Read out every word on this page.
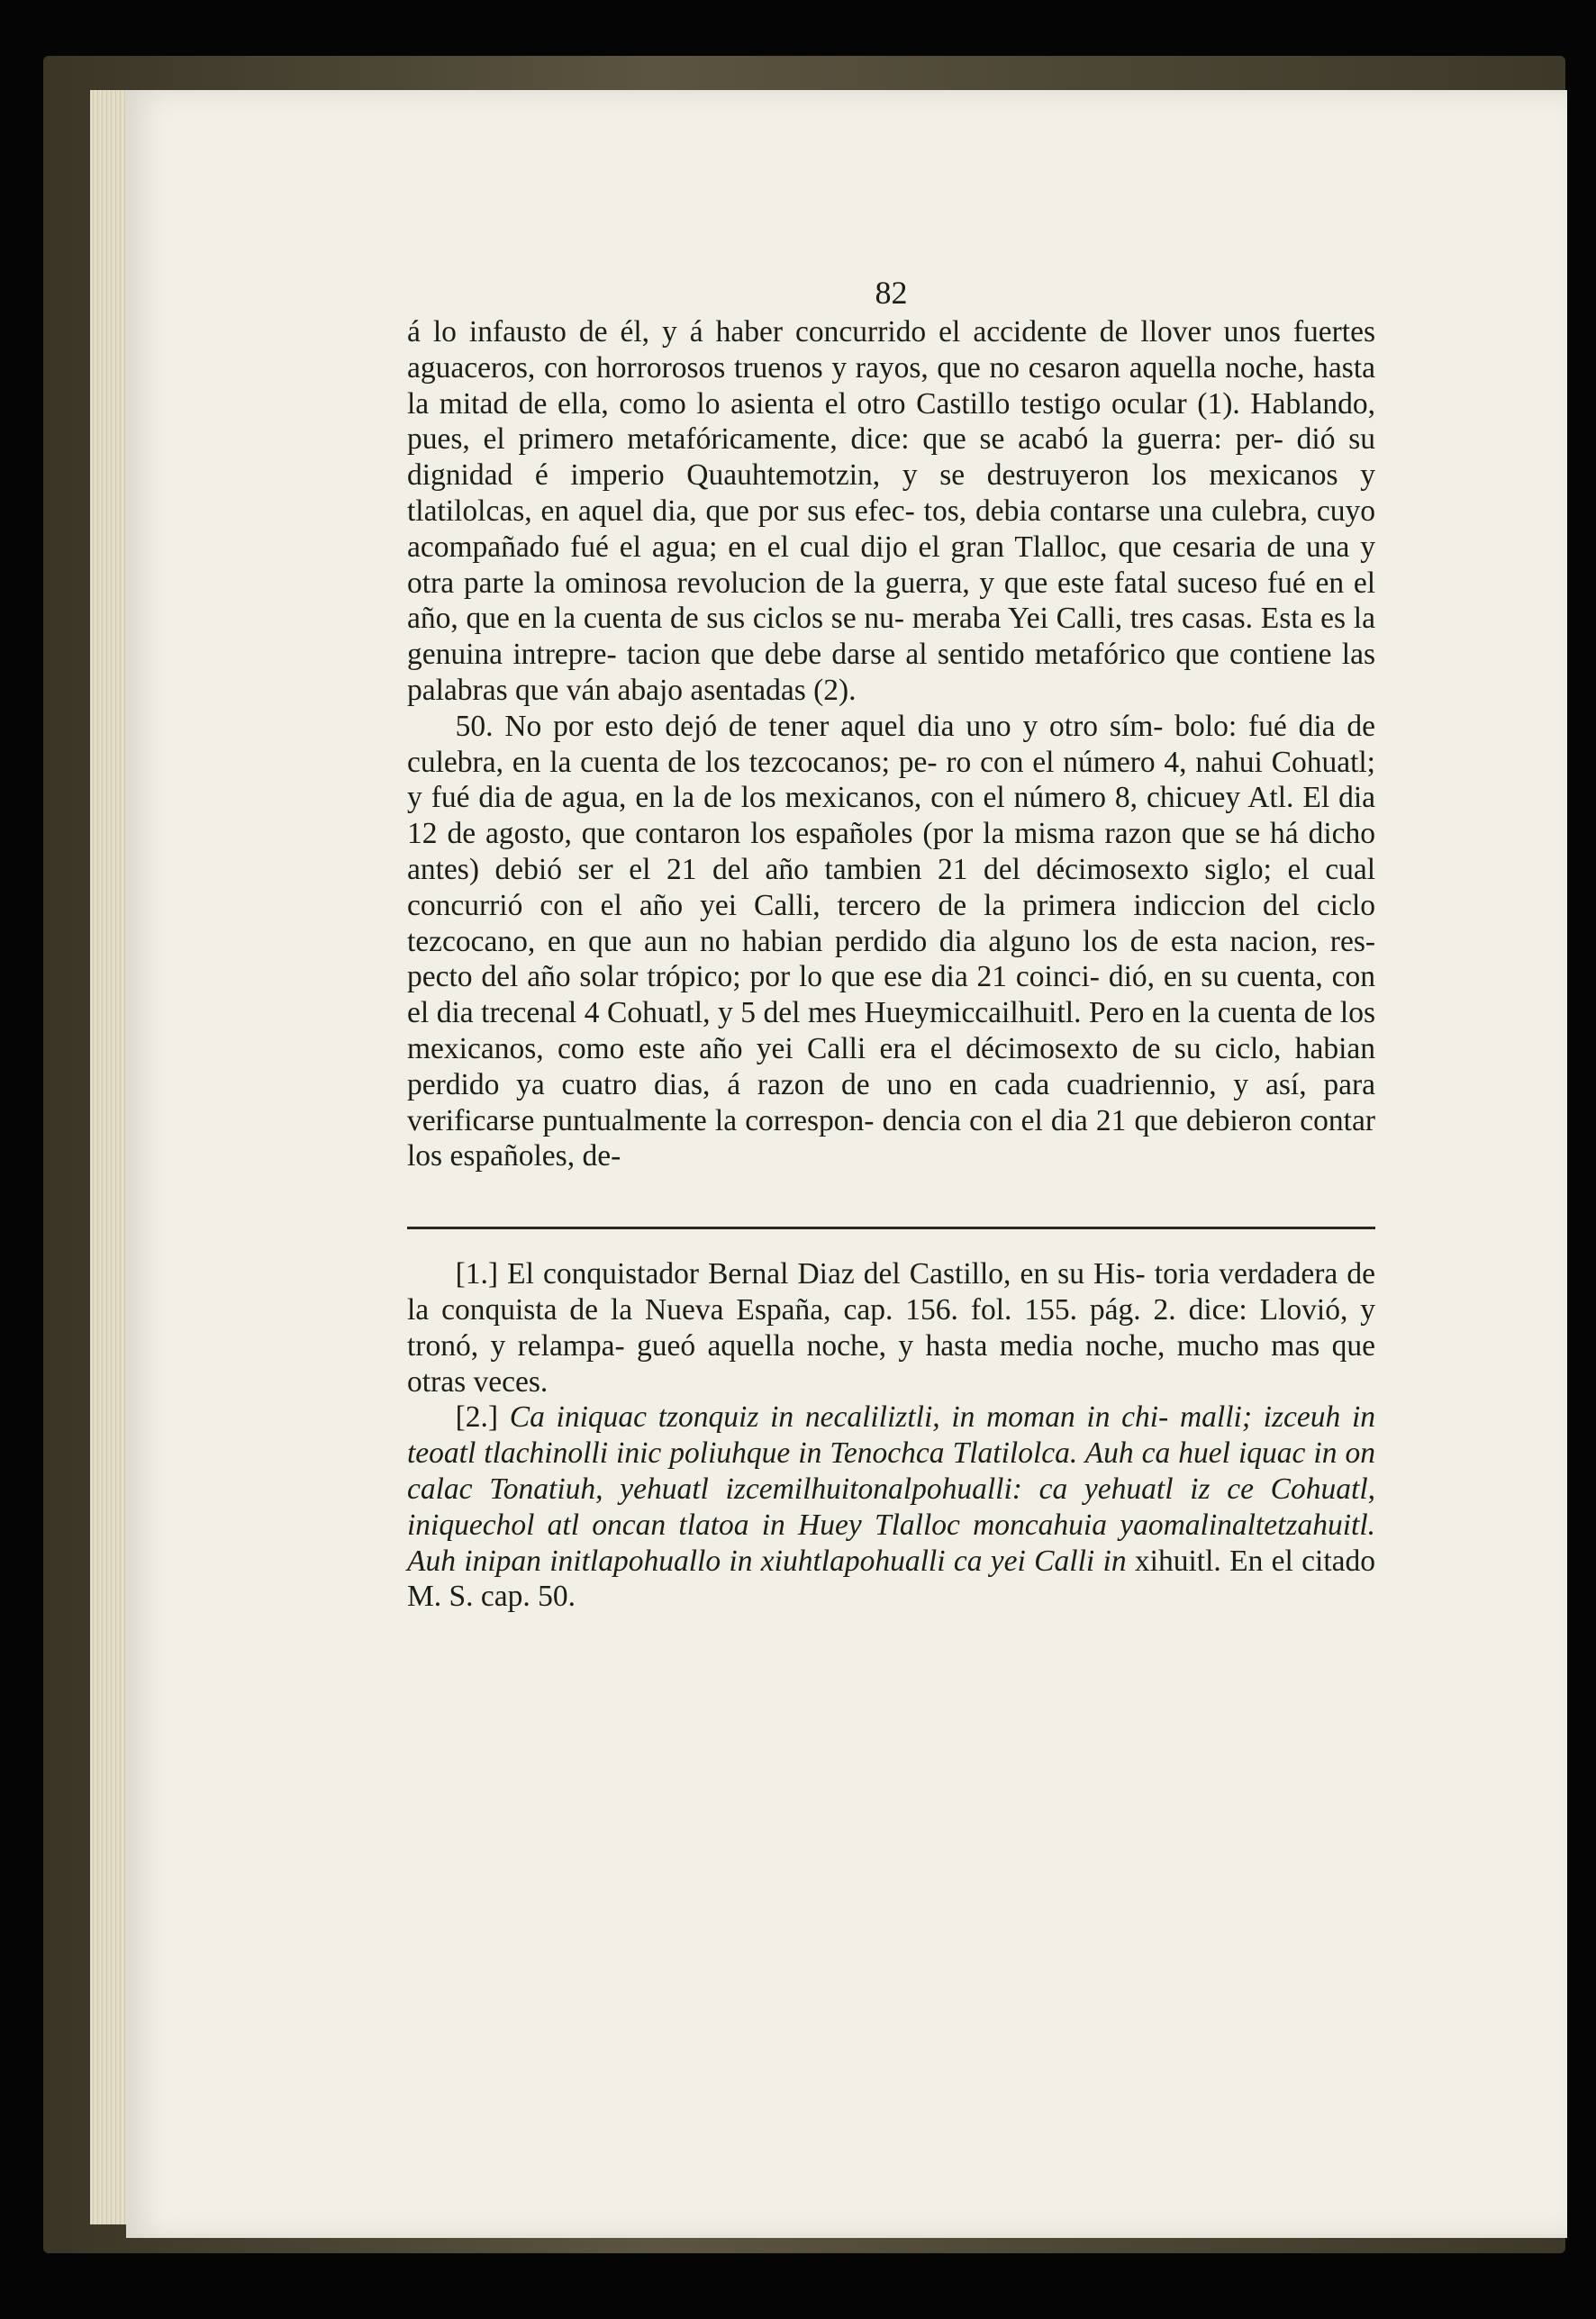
82

á lo infausto de él, y á haber concurrido el accidente de llover unos fuertes aguaceros, con horrorosos truenos y rayos, que no cesaron aquella noche, hasta la mitad de ella, como lo asienta el otro Castillo testigo ocular (1). Hablando, pues, el primero metafóricamente, dice: que se acabó la guerra: per- dió su dignidad é imperio Quauhtemotzin, y se destruyeron los mexicanos y tlatilolcas, en aquel dia, que por sus efec- tos, debia contarse una culebra, cuyo acompañado fué el agua; en el cual dijo el gran Tlalloc, que cesaria de una y otra parte la ominosa revolucion de la guerra, y que este fatal suceso fué en el año, que en la cuenta de sus ciclos se nu- meraba Yei Calli, tres casas. Esta es la genuina intrepre- tacion que debe darse al sentido metafórico que contiene las palabras que ván abajo asentadas (2).

50. No por esto dejó de tener aquel dia uno y otro sím- bolo: fué dia de culebra, en la cuenta de los tezcocanos; pe- ro con el número 4, nahui Cohuatl; y fué dia de agua, en la de los mexicanos, con el número 8, chicuey Atl. El dia 12 de agosto, que contaron los españoles (por la misma razon que se há dicho antes) debió ser el 21 del año tambien 21 del décimosexto siglo; el cual concurrió con el año yei Calli, tercero de la primera indiccion del ciclo tezcocano, en que aun no habian perdido dia alguno los de esta nacion, res- pecto del año solar trópico; por lo que ese dia 21 coinci- dió, en su cuenta, con el dia trecenal 4 Cohuatl, y 5 del mes Hueymiccailhuitl. Pero en la cuenta de los mexicanos, como este año yei Calli era el décimosexto de su ciclo, habian perdido ya cuatro dias, á razon de uno en cada cuadriennio, y así, para verificarse puntualmente la correspon- dencia con el dia 21 que debieron contar los españoles, de-

[1.] El conquistador Bernal Diaz del Castillo, en su His- toria verdadera de la conquista de la Nueva España, cap. 156. fol. 155. pág. 2. dice: Llovió, y tronó, y relampa- gueó aquella noche, y hasta media noche, mucho mas que otras veces.

[2.] Ca iniquac tzonquiz in necaliliztli, in moman in chi- malli; izceuh in teoatl tlachinolli inic poliuhque in Tenochca Tlatilolca. Auh ca huel iquac in on calac Tonatiuh, yehuatl izcemilhuitonalpohualli: ca yehuatl iz ce Cohuatl, iniquechol atl oncan tlatoa in Huey Tlalloc moncahuia yaomalinaltetzahuitl. Auh inipan initlapohuallo in xiuhtlapohualli ca yei Calli in xihuitl. En el citado M. S. cap. 50.
